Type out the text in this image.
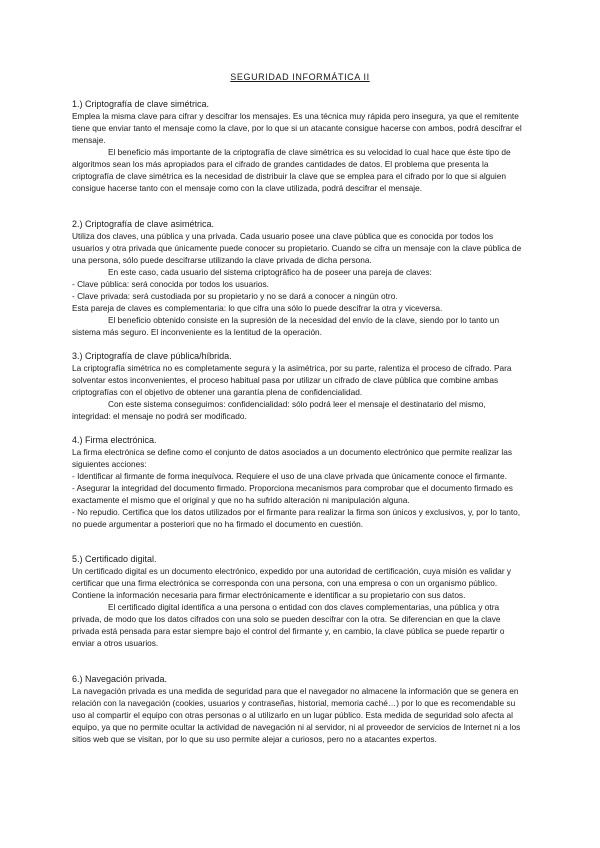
SEGURIDAD INFORMÁTICA II

1.) Criptografía de clave simétrica.

Emplea la misma clave para cifrar y descifrar los mensajes. Es una técnica muy rápida pero insegura, ya que el remitente tiene que enviar tanto el mensaje como la clave, por lo que si un atacante consigue hacerse con ambos, podrá descifrar el mensaje.

El beneficio más importante de la criptografía de clave simétrica es su velocidad lo cual hace que éste tipo de algoritmos sean los más apropiados para el cifrado de grandes cantidades de datos. El problema que presenta la criptografía de clave simétrica es la necesidad de distribuir la clave que se emplea para el cifrado por lo que si alguien consigue hacerse tanto con el mensaje como con la clave utilizada, podrá descifrar el mensaje.

2.) Criptografía de clave asimétrica.

Utiliza dos claves, una pública y una privada. Cada usuario posee una clave pública que es conocida por todos los usuarios y otra privada que únicamente puede conocer su propietario. Cuando se cifra un mensaje con la clave pública de una persona, sólo puede descifrarse utilizando la clave privada de dicha persona.

En este caso, cada usuario del sistema criptográfico ha de poseer una pareja de claves:

- Clave pública: será conocida por todos los usuarios.

- Clave privada: será custodiada por su propietario y no se dará a conocer a ningún otro.

Esta pareja de claves es complementaria: lo que cifra una sólo lo puede descifrar la otra y viceversa.

El beneficio obtenido consiste en la supresión de la necesidad del envío de la clave, siendo por lo tanto un sistema más seguro. El inconveniente es la lentitud de la operación.

3.) Criptografía de clave pública/híbrida.

La criptografía simétrica no es completamente segura y la asimétrica, por su parte, ralentiza el proceso de cifrado. Para solventar estos inconvenientes, el proceso habitual pasa por utilizar un cifrado de clave pública que combine ambas criptografías con el objetivo de obtener una garantía plena de confidencialidad.

Con este sistema conseguimos: confidencialidad: sólo podrá leer el mensaje el destinatario del mismo, integridad: el mensaje no podrá ser modificado.

4.) Firma electrónica.

La firma electrónica se define como el conjunto de datos asociados a un documento electrónico que permite realizar las siguientes acciones:

- Identificar al firmante de forma inequívoca. Requiere el uso de una clave privada que únicamente conoce el firmante.

- Asegurar la integridad del documento firmado. Proporciona mecanismos para comprobar que el documento firmado es exactamente el mismo que el original y que no ha sufrido alteración ni manipulación alguna.

- No repudio. Certifica que los datos utilizados por el firmante para realizar la firma son únicos y exclusivos, y, por lo tanto, no puede argumentar a posteriori que no ha firmado el documento en cuestión.

5.) Certificado digital.

Un certificado digital es un documento electrónico, expedido por una autoridad de certificación, cuya misión es validar y certificar que una firma electrónica se corresponda con una persona, con una empresa o con un organismo público. Contiene la información necesaria para firmar electrónicamente e identificar a su propietario con sus datos.

El certificado digital identifica a una persona o entidad con dos claves complementarias, una pública y otra privada, de modo que los datos cifrados con una solo se pueden descifrar con la otra. Se diferencian en que la clave privada está pensada para estar siempre bajo el control del firmante y, en cambio, la clave pública se puede repartir o enviar a otros usuarios.

6.) Navegación privada.

La navegación privada es una medida de seguridad para que el navegador no almacene la información que se genera en relación con la navegación (cookies, usuarios y contraseñas, historial, memoria caché…) por lo que es recomendable su uso al compartir el equipo con otras personas o al utilizarlo en un lugar público. Esta medida de seguridad solo afecta al equipo, ya que no permite ocultar la actividad de navegación ni al servidor, ni al proveedor de servicios de Internet ni a los sitios web que se visitan, por lo que su uso permite alejar a curiosos, pero no a atacantes expertos.
